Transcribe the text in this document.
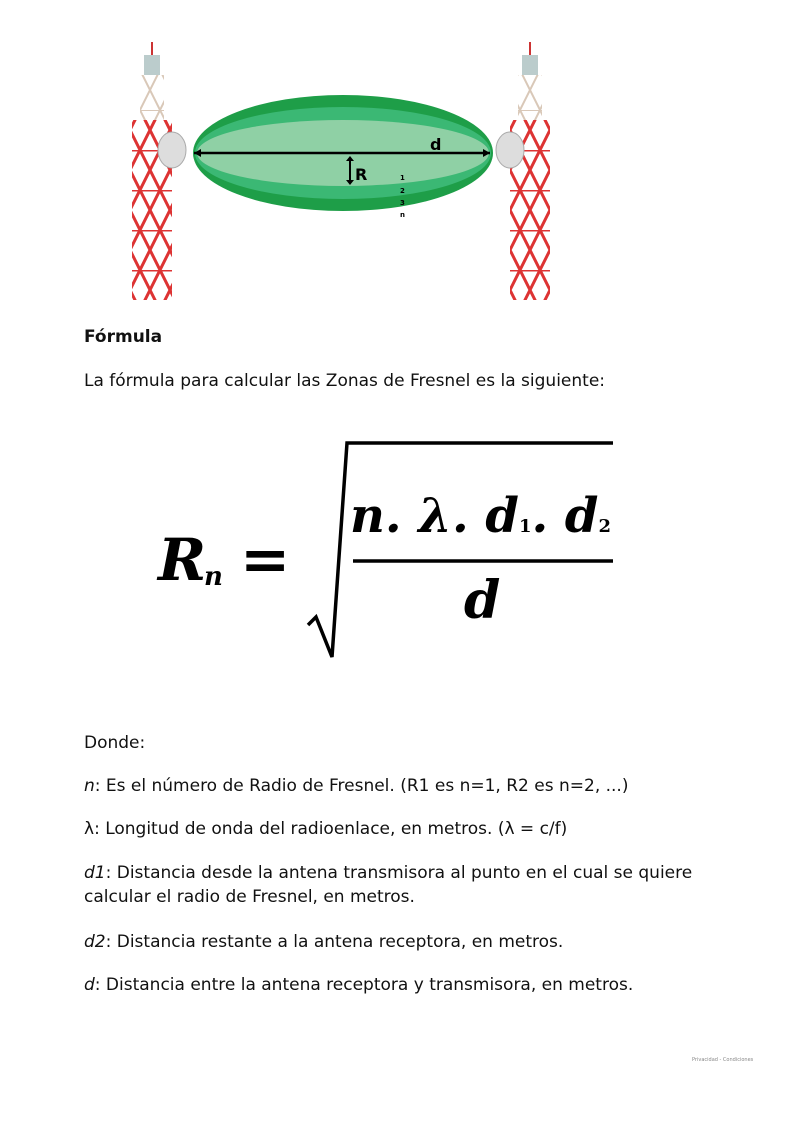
d
R	1
2
3
n
Fórmula
La fórmula para calcular las Zonas de Fresnel es la siguiente:
R
n =
n. λ. d1. d2
d
Donde:
n: Es el número de Radio de Fresnel. (R1 es n=1, R2 es n=2, ...)
λ: Longitud de onda del radioenlace, en metros. (λ = c/f)
d1: Distancia desde la antena transmisora al punto en el cual se quiere calcular el radio de Fresnel, en metros.
d2: Distancia restante a la antena receptora, en metros.
d: Distancia entre la antena receptora y transmisora, en metros.
Privacidad - Condiciones
